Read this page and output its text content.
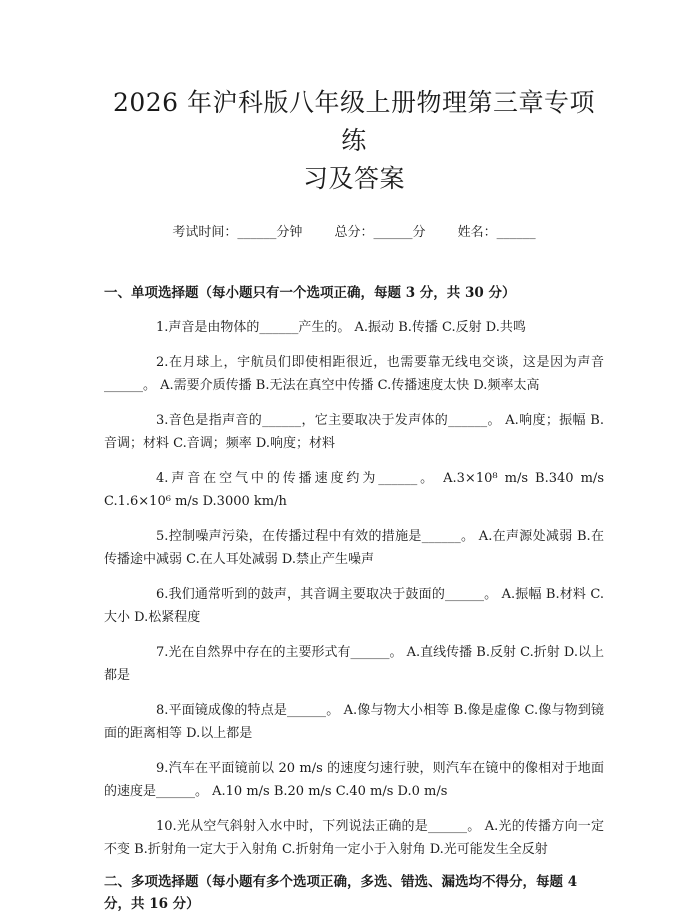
2026 年沪科版八年级上册物理第三章专项练
习及答案
考试时间：______分钟 总分：______分 姓名：______
一、单项选择题（每小题只有一个选项正确，每题 3 分，共 30 分）

1.声音是由物体的______产生的。 A.振动 B.传播 C.反射 D.共鸣

2.在月球上，宇航员们即使相距很近，也需要靠无线电交谈，这是因为声音______。 A.需要介质传播 B.无法在真空中传播 C.传播速度太快 D.频率太高

3.音色是指声音的______，它主要取决于发声体的______。 A.响度；振幅 B.音调；材料 C.音调；频率 D.响度；材料

4.声音在空气中的传播速度约为______。 A.3×10⁸ m/s B.340 m/s C.1.6×10⁶ m/s D.3000 km/h

5.控制噪声污染，在传播过程中有效的措施是______。 A.在声源处减弱 B.在传播途中减弱 C.在人耳处减弱 D.禁止产生噪声

6.我们通常听到的鼓声，其音调主要取决于鼓面的______。 A.振幅 B.材料 C.大小 D.松紧程度

7.光在自然界中存在的主要形式有______。 A.直线传播 B.反射 C.折射 D.以上都是

8.平面镜成像的特点是______。 A.像与物大小相等 B.像是虚像 C.像与物到镜面的距离相等 D.以上都是

9.汽车在平面镜前以 20 m/s 的速度匀速行驶，则汽车在镜中的像相对于地面的速度是______。 A.10 m/s B.20 m/s C.40 m/s D.0 m/s

10.光从空气斜射入水中时，下列说法正确的是______。 A.光的传播方向一定不变 B.折射角一定大于入射角 C.折射角一定小于入射角 D.光可能发生全反射

二、多项选择题（每小题有多个选项正确，多选、错选、漏选均不得分，每题 4 分，共 16 分）
